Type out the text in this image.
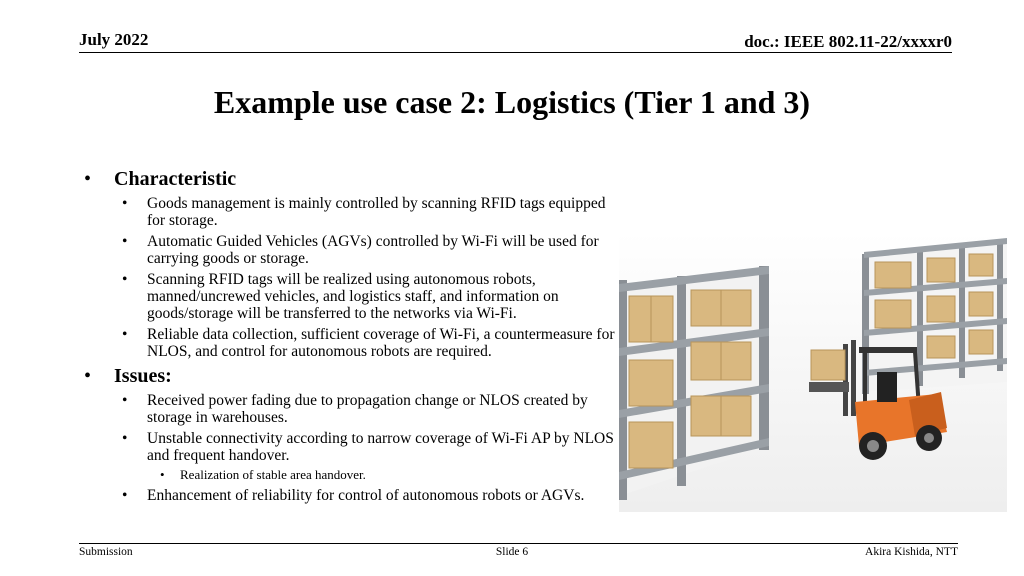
July 2022	doc.: IEEE 802.11-22/xxxxr0
Example use case 2: Logistics (Tier 1 and 3)
• Characteristic
• Goods management is mainly controlled by scanning RFID tags equipped for storage.
• Automatic Guided Vehicles (AGVs) controlled by Wi-Fi will be used for carrying goods or storage.
• Scanning RFID tags will be realized using autonomous robots, manned/uncrewed vehicles, and logistics staff, and information on goods/storage will be transferred to the networks via Wi-Fi.
• Reliable data collection, sufficient coverage of Wi-Fi, a countermeasure for NLOS, and control for autonomous robots are required.
• Issues:
• Received power fading due to propagation change or NLOS created by storage in warehouses.
• Unstable connectivity according to narrow coverage of Wi-Fi AP by NLOS and frequent handover.
• Realization of stable area handover.
• Enhancement of reliability for control of autonomous robots or AGVs.
Submission	Slide 6	Akira Kishida, NTT
